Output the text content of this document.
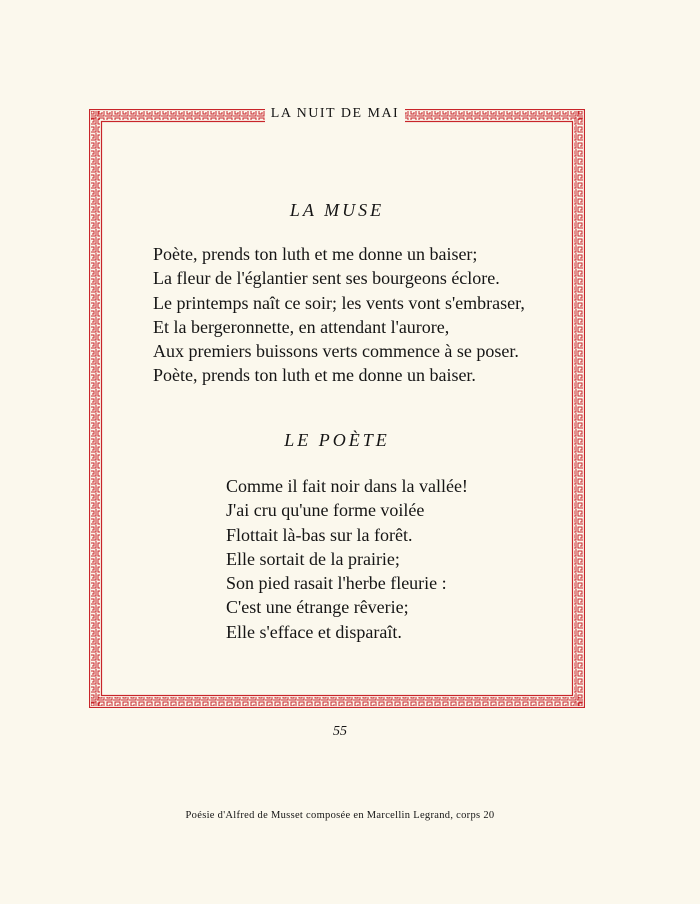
LA NUIT DE MAI
LA MUSE
Poète, prends ton luth et me donne un baiser;
La fleur de l'églantier sent ses bourgeons éclore.
Le printemps naît ce soir; les vents vont s'embraser,
Et la bergeronnette, en attendant l'aurore,
Aux premiers buissons verts commence à se poser.
Poète, prends ton luth et me donne un baiser.
LE POÈTE
Comme il fait noir dans la vallée!
J'ai cru qu'une forme voilée
Flottait là-bas sur la forêt.
Elle sortait de la prairie;
Son pied rasait l'herbe fleurie :
C'est une étrange rêverie;
Elle s'efface et disparaît.
55
Poésie d'Alfred de Musset composée en Marcellin Legrand, corps 20
